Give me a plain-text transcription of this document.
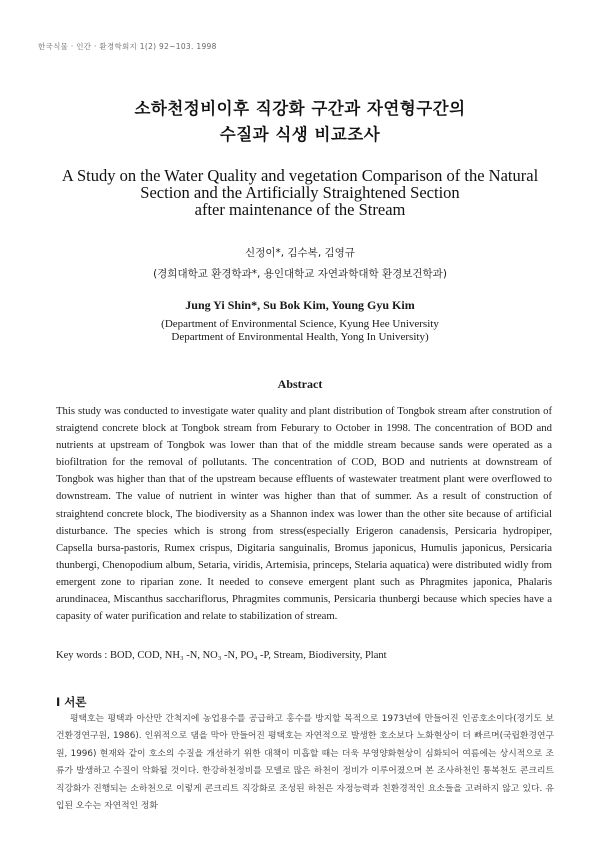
한국식물 · 인간 · 환경학회지 1(2) 92~103. 1998
소하천정비이후 직강화 구간과 자연형구간의
수질과 식생 비교조사
A Study on the Water Quality and vegetation Comparison of the Natural
Section and the Artificially Straightened Section
after maintenance of the Stream
신정이*, 김수복, 김영규
(경희대학교 환경학과*, 용인대학교 자연과학대학 환경보건학과)
Jung Yi Shin*, Su Bok Kim, Young Gyu Kim
(Department of Environmental Science, Kyung Hee University
Department of Environmental Health, Yong In University)
Abstract
This study was conducted to investigate water quality and plant distribution of Tongbok stream after constrution of straigtend concrete block at Tongbok stream from Feburary to October in 1998. The concentration of BOD and nutrients at upstream of Tongbok was lower than that of the middle stream because sands were operated as a biofiltration for the removal of pollutants. The concentration of COD, BOD and nutrients at downstream of Tongbok was higher than that of the upstream because effluents of wastewater treatment plant were overflowed to downstream. The value of nutrient in winter was higher than that of summer. As a result of construction of straightend concrete block, The biodiversity as a Shannon index was lower than the other site because of artificial disturbance. The species which is strong from stress(especially Erigeron canadensis, Persicaria hydropiper, Capsella bursa-pastoris, Rumex crispus, Digitaria sanguinalis, Bromus japonicus, Humulis japonicus, Persicaria thunbergi, Chenopodium album, Setaria, viridis, Artemisia, princeps, Stelaria aquatica) were distributed widly from emergent zone to riparian zone. It needed to conseve emergent plant such as Phragmites japonica, Phalaris arundinacea, Miscanthus sacchariflorus, Phragmites communis, Persicaria thunbergi because which species have a capasity of water purification and relate to stabilization of stream.
Key words : BOD, COD, NH₃ -N, NO₃ -N, PO₄ -P, Stream, Biodiversity, Plant
I 서론
평택호는 평택과 아산만 간척지에 농업용수를 공급하고 홍수를 방지할 목적으로 1973년에 만들어진 인공호소이다(경기도 보건환경연구원, 1986). 인위적으로 댐을 막아 만들어진 평택호는 자연적으로 발생한 호소보다 노화현상이 더 빠르며(국립환경연구원, 1996) 현재와 같이 호소의 수질을 개선하기 위한 대책이 미흡할 때는 더욱 부영양화현상이 심화되어 여름에는 상시적으로 조류가 발생하고 수질이 악화될 것이다. 한강하천정비를 모델로 많은 하천이 정비가 이루어졌으며 본 조사하천인 통복천도 콘크리트 직강화가 진행되는 소하천으로 이렇게 콘크리트 직강화로 조성된 하천은 자정능력과 친환경적인 요소들을 고려하지 않고 있다. 유입된 오수는 자연적인 정화
